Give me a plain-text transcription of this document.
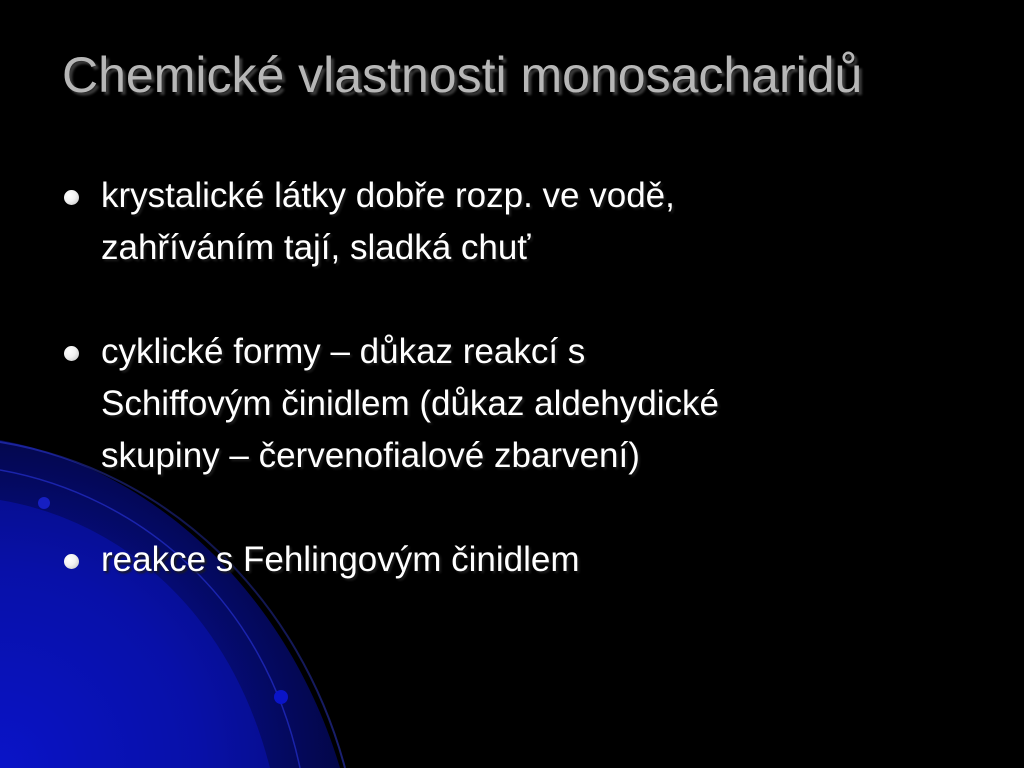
Chemické vlastnosti monosacharidů
krystalické látky dobře rozp. ve vodě,
zahříváním tají, sladká chuť
cyklické formy – důkaz reakcí s
Schiffovým činidlem (důkaz aldehydické
skupiny – červenofialové zbarvení)
reakce s Fehlingovým činidlem
